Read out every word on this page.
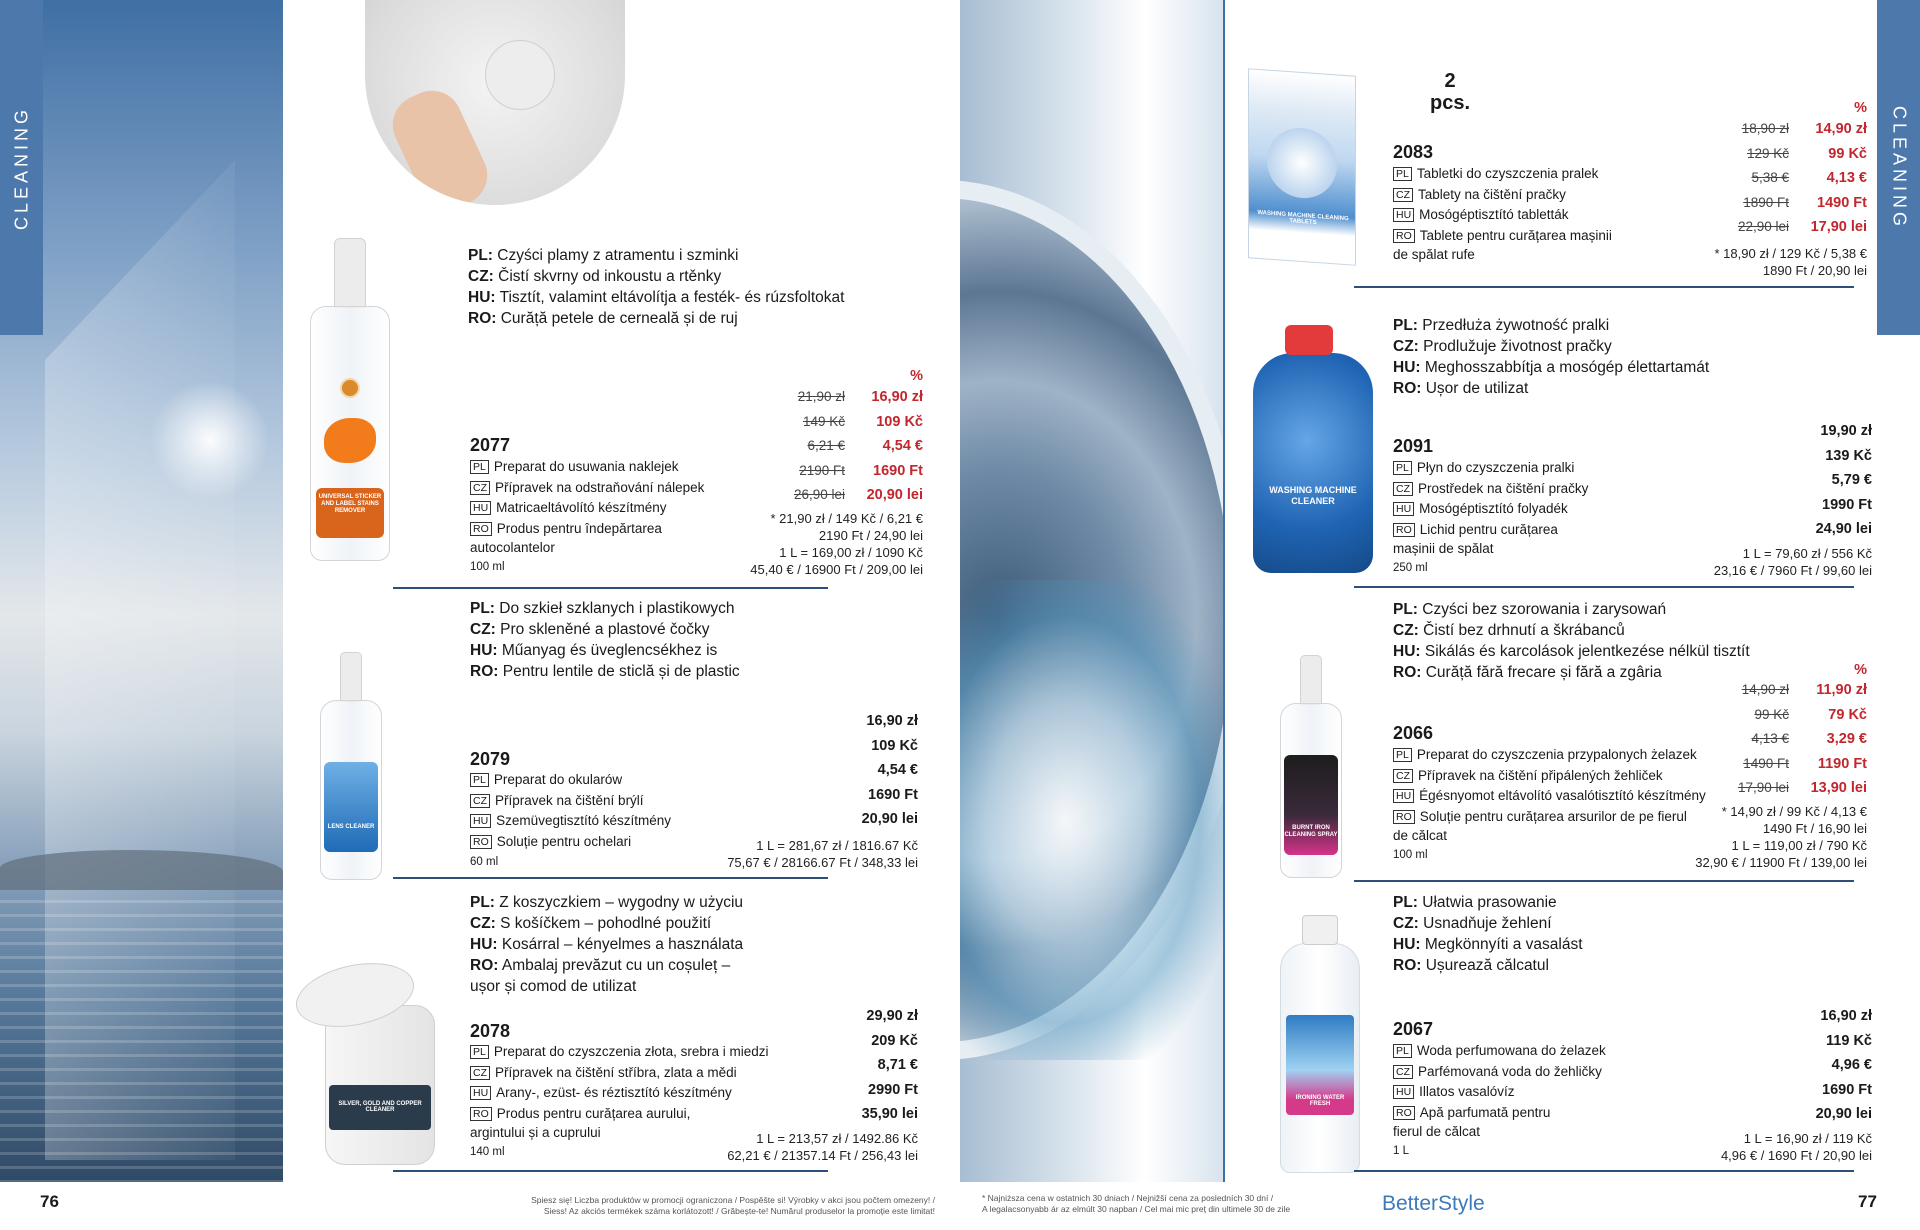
CLEANING	CLEANING
UNIVERSAL STICKER AND LABEL STAINS REMOVER
LENS CLEANER
SILVER, GOLD AND COPPER CLEANER
WASHING MACHINE CLEANING TABLETS
WASHING MACHINE CLEANER
BURNT IRON CLEANING SPRAY
IRONING WATER FRESH
PL: Czyści plamy z atramentu i szminki
CZ: Čistí skvrny od inkoustu a rtěnky
HU: Tisztít, valamint eltávolítja a festék- és rúzsfoltokat
RO: Curăță petele de cerneală și de ruj
%
21,90 zł 16,90 zł
149 Kč 109 Kč
6,21 €	4,54 €
2190 Ft 1690 Ft
26,90 lei 20,90 lei
2077
PL Preparat do usuwania naklejek
CZ Přípravek na odstraňování nálepek
HU Matricaeltávolító készítmény
RO Produs pentru îndepărtarea
autocolantelor
100 ml
* 21,90 zł / 149 Kč / 6,21 €
2190 Ft / 24,90 lei
1 L = 169,00 zł / 1090 Kč
45,40 € / 16900 Ft / 209,00 lei
PL: Do szkieł szklanych i plastikowych
CZ: Pro skleněné a plastové čočky
HU: Műanyag és üveglencsékhez is
RO: Pentru lentile de sticlă și de plastic
16,90 zł
109 Kč
4,54 €
1690 Ft
20,90 lei
2079
PL Preparat do okularów
CZ Přípravek na čištění brýlí
HU Szemüvegtisztító készítmény
RO Soluție pentru ochelari
60 ml
1 L = 281,67 zł / 1816.67 Kč
75,67 € / 28166.67 Ft / 348,33 lei
PL: Z koszyczkiem – wygodny w użyciu
CZ: S košíčkem – pohodlné použití
HU: Kosárral – kényelmes a használata
RO: Ambalaj prevăzut cu un coșuleț –
ușor și comod de utilizat
29,90 zł
209 Kč
8,71 €
2990 Ft
35,90 lei
2078
PL Preparat do czyszczenia złota, srebra i miedzi
CZ Přípravek na čištění stříbra, zlata a mědi
HU Arany-, ezüst- és réztisztító készítmény
RO Produs pentru curățarea aurului,
argintului și a cuprului
140 ml
1 L = 213,57 zł / 1492.86 Kč
62,21 € / 21357.14 Ft / 256,43 lei
2
pcs.	%
18,90 zł 14,90 zł
129 Kč	99 Kč
5,38 €	4,13 €
1890 Ft 1490 Ft
22,90 lei 17,90 lei
2083
PL Tabletki do czyszczenia pralek
CZ Tablety na čištění pračky
HU Mosógéptisztító tabletták
RO Tablete pentru curățarea mașinii
de spălat rufe	* 18,90 zł / 129 Kč / 5,38 €
1890 Ft / 20,90 lei
PL: Przedłuża żywotność pralki
CZ: Prodlužuje životnost pračky
HU: Meghosszabbítja a mosógép élettartamát
RO: Ușor de utilizat
19,90 zł
139 Kč
5,79 €
1990 Ft
24,90 lei
2091
PL Płyn do czyszczenia pralki
CZ Prostředek na čištění pračky
HU Mosógéptisztító folyadék
RO Lichid pentru curățarea
mașinii de spălat
250 ml
1 L = 79,60 zł / 556 Kč
23,16 € / 7960 Ft / 99,60 lei
PL: Czyści bez szorowania i zarysowań
CZ: Čistí bez drhnutí a škrábanců
HU: Sikálás és karcolások jelentkezése nélkül tisztít
RO: Curăță fără frecare și fără a zgâria	%
14,90 zł 11,90 zł
99 Kč	79 Kč
4,13 €	3,29 €
1490 Ft 1190 Ft
17,90 lei 13,90 lei
2066
PL Preparat do czyszczenia przypalonych żelazek
CZ Přípravek na čištění připálených žehliček
HU Égésnyomot eltávolító vasalótisztító készítmény
RO Soluție pentru curățarea arsurilor de pe fierul
de călcat
100 ml
* 14,90 zł / 99 Kč / 4,13 €
1490 Ft / 16,90 lei
1 L = 119,00 zł / 790 Kč
32,90 € / 11900 Ft / 139,00 lei
PL: Ułatwia prasowanie
CZ: Usnadňuje žehlení
HU: Megkönnyíti a vasalást
RO: Ușurează călcatul
16,90 zł
119 Kč
4,96 €
1690 Ft
20,90 lei
2067
PL Woda perfumowana do żelazek
CZ Parfémovaná voda do žehličky
HU Illatos vasalóvíz
RO Apă parfumată pentru
fierul de călcat
1 L
1 L = 16,90 zł / 119 Kč
4,96 € / 1690 Ft / 20,90 lei
76	77
Spiesz się! Liczba produktów w promocji ograniczona / Pospěšte si! Výrobky v akci jsou počtem omezeny! /
Siess! Az akciós termékek száma korlátozott! / Grăbește-te! Numărul produselor la promoție este limitat!
* Najniższa cena w ostatnich 30 dniach / Nejnižší cena za posledních 30 dní /
A legalacsonyabb ár az elmúlt 30 napban / Cel mai mic preț din ultimele 30 de zile	BetterStyle
